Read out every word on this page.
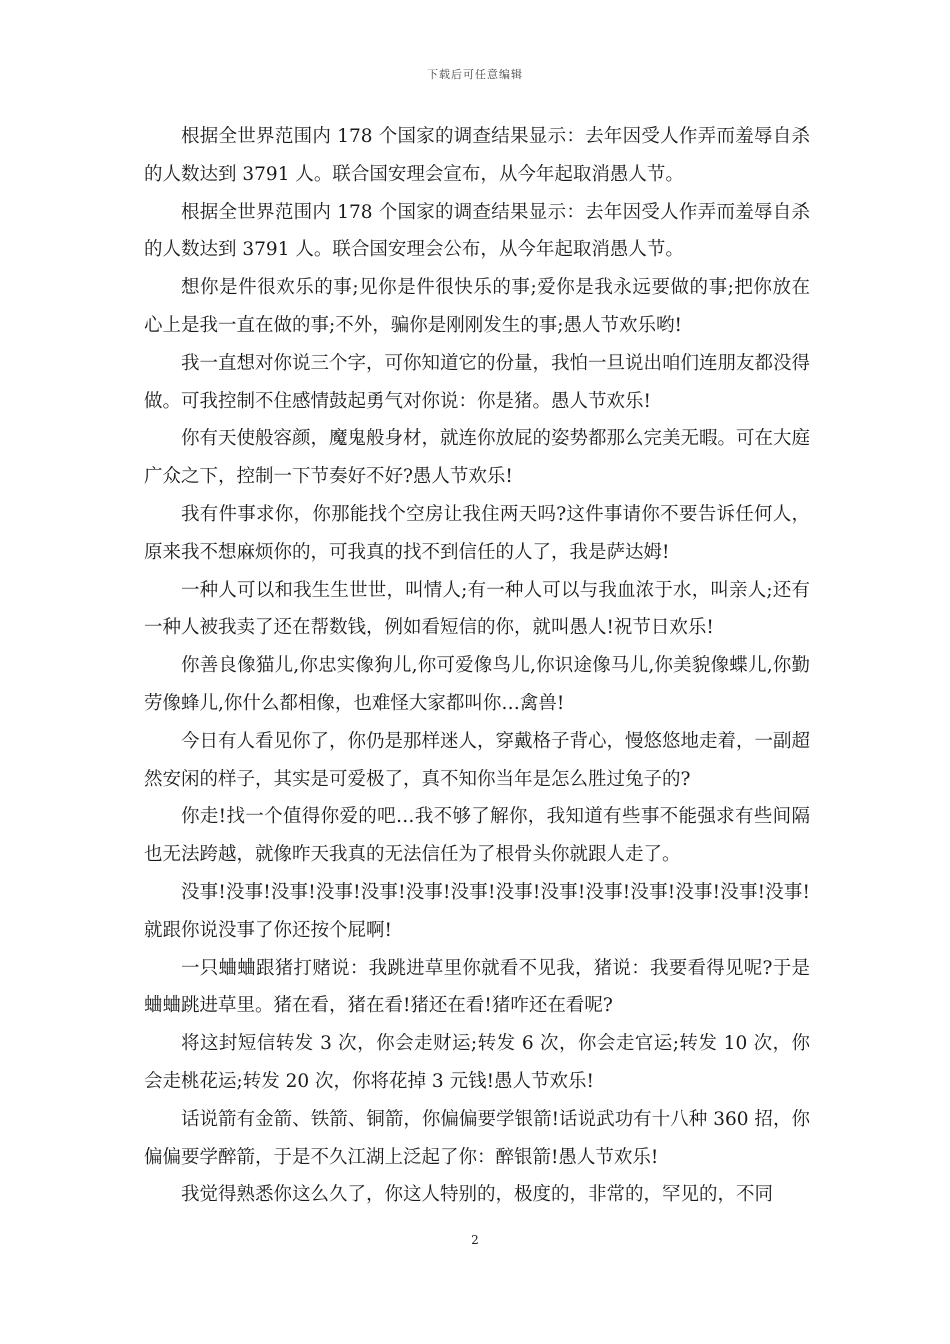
下载后可任意编辑

根据全世界范围内 178 个国家的调查结果显示：去年因受人作弄而羞辱自杀的人数达到 3791 人。联合国安理会宣布，从今年起取消愚人节。

根据全世界范围内 178 个国家的调查结果显示：去年因受人作弄而羞辱自杀的人数达到 3791 人。联合国安理会公布，从今年起取消愚人节。

想你是件很欢乐的事;见你是件很快乐的事;爱你是我永远要做的事;把你放在心上是我一直在做的事;不外，骗你是刚刚发生的事;愚人节欢乐哟!

我一直想对你说三个字，可你知道它的份量，我怕一旦说出咱们连朋友都没得做。可我控制不住感情鼓起勇气对你说：你是猪。愚人节欢乐!

你有天使般容颜，魔鬼般身材，就连你放屁的姿势都那么完美无暇。可在大庭广众之下，控制一下节奏好不好?愚人节欢乐!

我有件事求你，你那能找个空房让我住两天吗?这件事请你不要告诉任何人，原来我不想麻烦你的，可我真的找不到信任的人了，我是萨达姆!

一种人可以和我生生世世，叫情人;有一种人可以与我血浓于水，叫亲人;还有一种人被我卖了还在帮数钱，例如看短信的你，就叫愚人!祝节日欢乐!

你善良像猫儿,你忠实像狗儿,你可爱像鸟儿,你识途像马儿,你美貌像蝶儿,你勤劳像蜂儿,你什么都相像，也难怪大家都叫你…禽兽!

今日有人看见你了，你仍是那样迷人，穿戴格子背心，慢悠悠地走着，一副超然安闲的样子，其实是可爱极了，真不知你当年是怎么胜过兔子的?

你走!找一个值得你爱的吧…我不够了解你，我知道有些事不能强求有些间隔也无法跨越，就像昨天我真的无法信任为了根骨头你就跟人走了。

没事!没事!没事!没事!没事!没事!没事!没事!没事!没事!没事!没事!没事!没事!就跟你说没事了你还按个屁啊!

一只蛐蛐跟猪打赌说：我跳进草里你就看不见我，猪说：我要看得见呢?于是蛐蛐跳进草里。猪在看，猪在看!猪还在看!猪咋还在看呢?

将这封短信转发 3 次，你会走财运;转发 6 次，你会走官运;转发 10 次，你会走桃花运;转发 20 次，你将花掉 3 元钱!愚人节欢乐!

话说箭有金箭、铁箭、铜箭，你偏偏要学银箭!话说武功有十八种 360 招，你偏偏要学醉箭，于是不久江湖上泛起了你：醉银箭!愚人节欢乐!

我觉得熟悉你这么久了，你这人特别的，极度的，非常的，罕见的，不同

2
